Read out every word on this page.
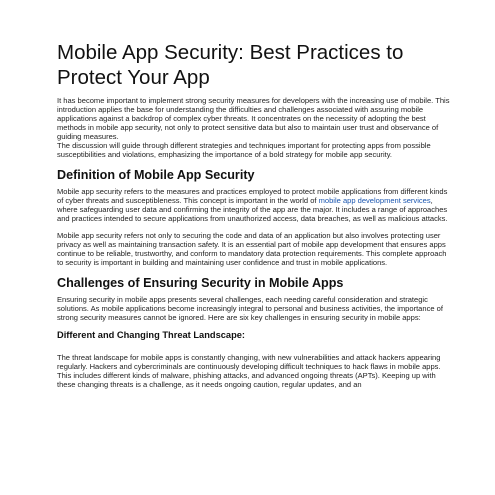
Mobile App Security: Best Practices to Protect Your App

It has become important to implement strong security measures for developers with the increasing use of mobile. This introduction applies the base for understanding the difficulties and challenges associated with assuring mobile applications against a backdrop of complex cyber threats. It concentrates on the necessity of adopting the best methods in mobile app security, not only to protect sensitive data but also to maintain user trust and observance of guiding measures.

The discussion will guide through different strategies and techniques important for protecting apps from possible susceptibilities and violations, emphasizing the importance of a bold strategy for mobile app security.

Definition of Mobile App Security

Mobile app security refers to the measures and practices employed to protect mobile applications from different kinds of cyber threats and susceptibleness. This concept is important in the world of mobile app development services, where safeguarding user data and confirming the integrity of the app are the major. It includes a range of approaches and practices intended to secure applications from unauthorized access, data breaches, as well as malicious attacks.

Mobile app security refers not only to securing the code and data of an application but also involves protecting user privacy as well as maintaining transaction safety. It is an essential part of mobile app development that ensures apps continue to be reliable, trustworthy, and conform to mandatory data protection requirements. This complete approach to security is important in building and maintaining user confidence and trust in mobile applications.

Challenges of Ensuring Security in Mobile Apps

Ensuring security in mobile apps presents several challenges, each needing careful consideration and strategic solutions. As mobile applications become increasingly integral to personal and business activities, the importance of strong security measures cannot be ignored. Here are six key challenges in ensuring security in mobile apps:

Different and Changing Threat Landscape:

The threat landscape for mobile apps is constantly changing, with new vulnerabilities and attack hackers appearing regularly. Hackers and cybercriminals are continuously developing difficult techniques to hack flaws in mobile apps. This includes different kinds of malware, phishing attacks, and advanced ongoing threats (APTs). Keeping up with these changing threats is a challenge, as it needs ongoing caution, regular updates, and an
